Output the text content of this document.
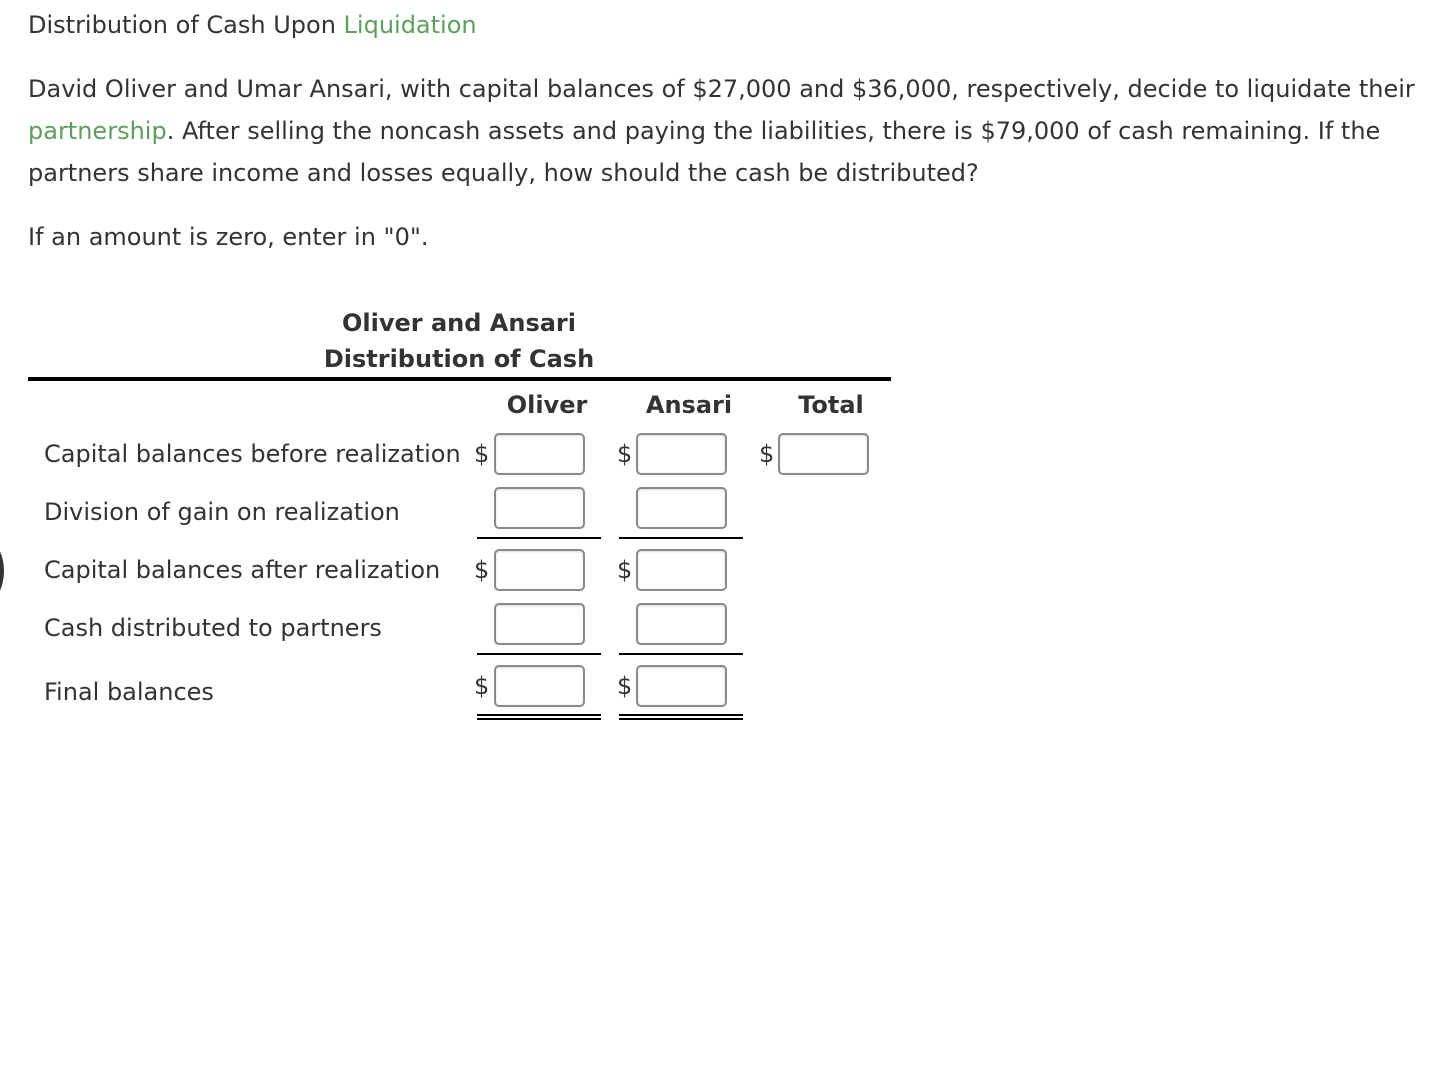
Distribution of Cash Upon Liquidation
David Oliver and Umar Ansari, with capital balances of $27,000 and $36,000, respectively, decide to liquidate their partnership. After selling the noncash assets and paying the liabilities, there is $79,000 of cash remaining. If the partners share income and losses equally, how should the cash be distributed?
If an amount is zero, enter in "0".
Oliver and Ansari
Distribution of Cash
Oliver	Ansari	Total
Capital balances before realization $	$	$
Division of gain on realization
Capital balances after realization $	$
Cash distributed to partners
Final balances	$	$
